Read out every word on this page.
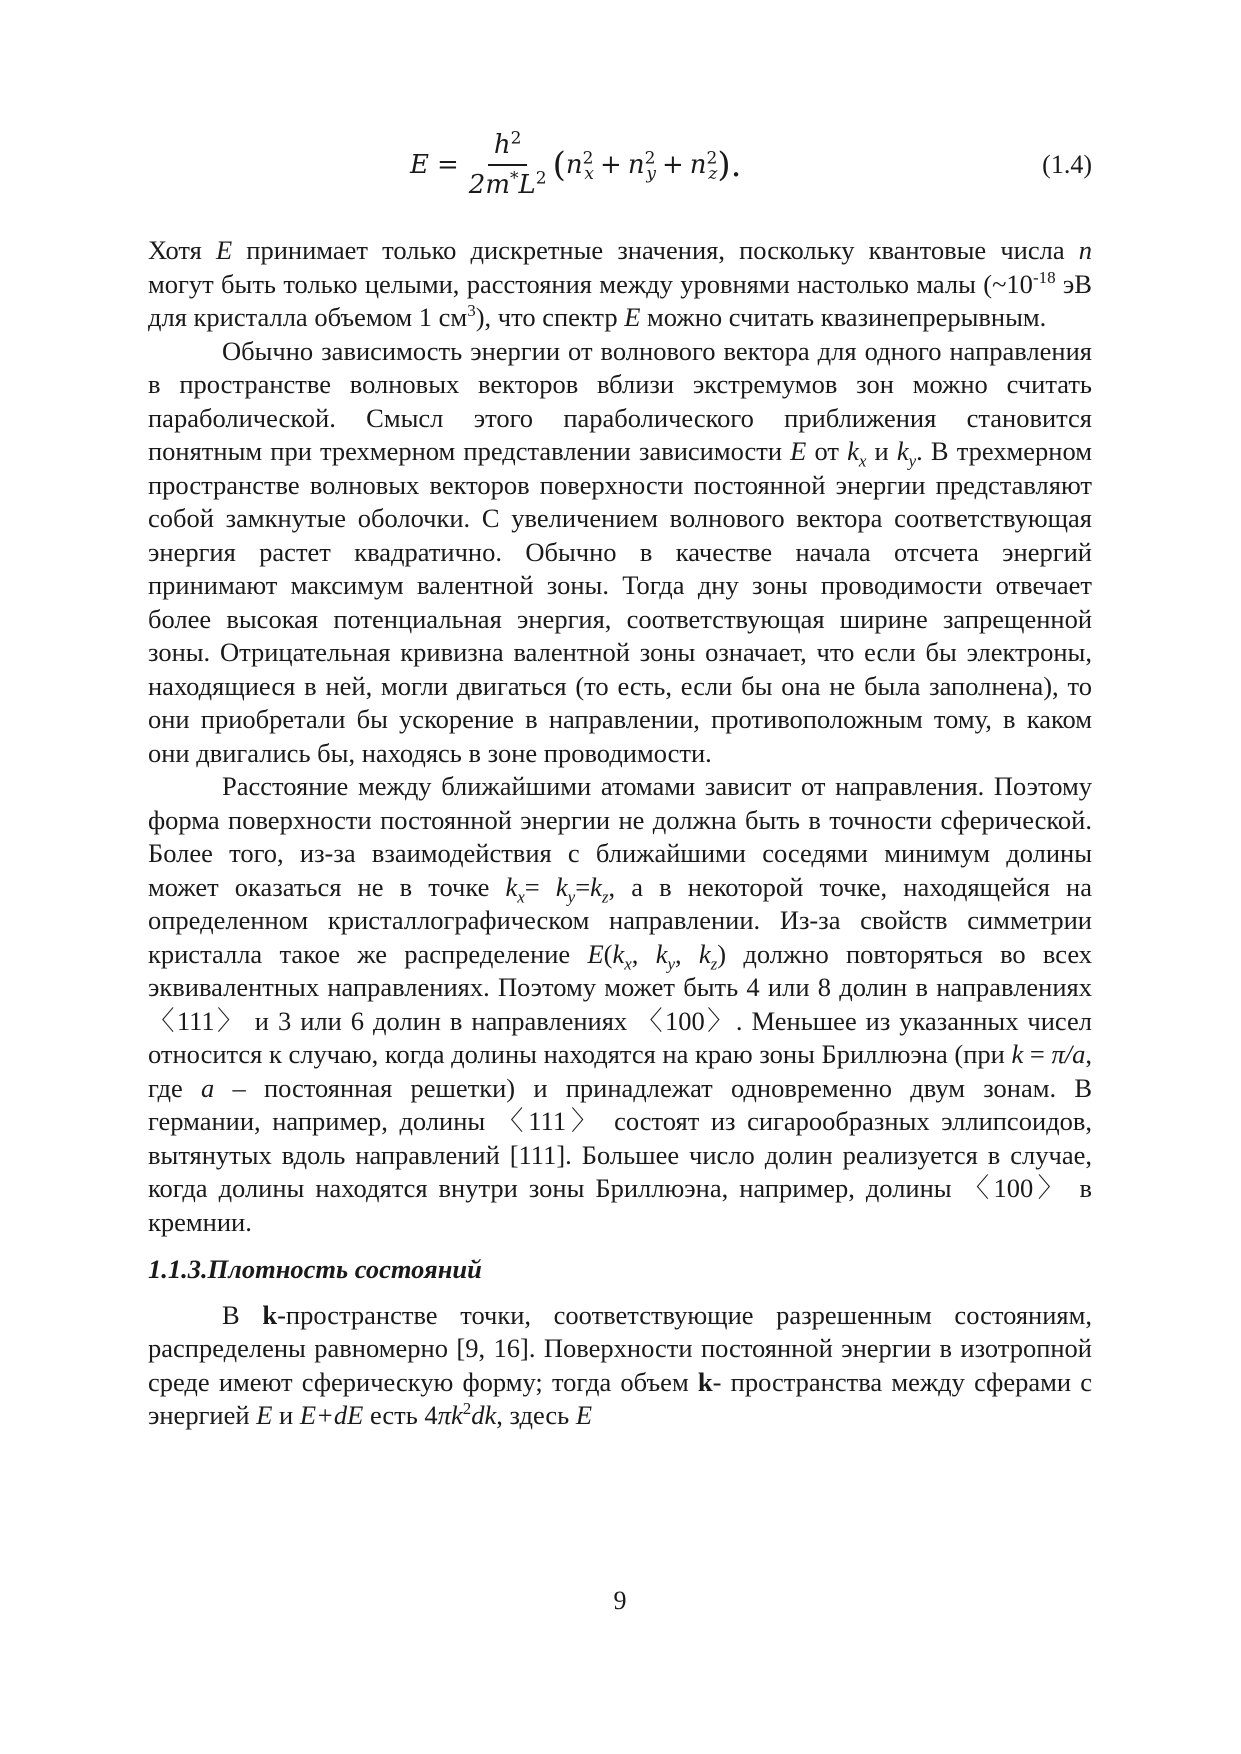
$E = \frac{h^2}{2m^*L^2}$ ( $n^2_x + n^2_y + n^2_z$ ).	(1.4)

Хотя E принимает только дискретные значения, поскольку квантовые числа n могут быть только целыми, расстояния между уровнями настолько малы ($\sim 10^{-18}$ эВ для кристалла объемом 1 $см^3$), что спектр E можно считать квазинепрерывным.

Обычно зависимость энергии от волнового вектора для одного направления в пространстве волновых векторов вблизи экстремумов зон можно считать параболической. Смысл этого параболического приближения становится понятным при трехмерном представлении зависимости E от $k_x$ и $k_y$. В трехмерном пространстве волновых векторов поверхности постоянной энергии представляют собой замкнутые оболочки. С увеличением волнового вектора соответствующая энергия растет квадратично. Обычно в качестве начала отсчета энергий принимают максимум валентной зоны. Тогда дну зоны проводимости отвечает более высокая потенциальная энергия, соответствующая ширине запрещенной зоны. Отрицательная кривизна валентной зоны означает, что если бы электроны, находящиеся в ней, могли двигаться (то есть, если бы она не была заполнена), то они приобретали бы ускорение в направлении, противоположным тому, в каком они двигались бы, находясь в зоне проводимости.

Расстояние между ближайшими атомами зависит от направления. Поэтому форма поверхности постоянной энергии не должна быть в точности сферической. Более того, из-за взаимодействия с ближайшими соседями минимум долины может оказаться не в точке $k_x= k_y=k_z$, а в некоторой точке, находящейся на определенном кристаллографическом направлении. Из-за свойств симметрии кристалла такое же распределение $E(k_x$, $k_y$, $k_z$) должно повторяться во всех эквивалентных направлениях. Поэтому может быть 4 или 8 долин в направлениях 〈111〉 и 3 или 6 долин в направлениях 〈100〉. Меньшее из указанных чисел относится к случаю, когда долины находятся на краю зоны Бриллюэна (при k = π/a, где a – постоянная решетки) и принадлежат одновременно двум зонам. В германии, например, долины 〈111〉 состоят из сигарообразных эллипсоидов, вытянутых вдоль направлений [111]. Большее число долин реализуется в случае, когда долины находятся внутри зоны Бриллюэна, например, долины 〈100〉 в кремнии.

1.1.3.Плотность состояний

В k-пространстве точки, соответствующие разрешенным состояниям, распределены равномерно [9, 16]. Поверхности постоянной энергии в изотропной среде имеют сферическую форму; тогда объем k- пространства между сферами с энергией E и E+dE есть $4\pi k^2dk$, здесь E

9
